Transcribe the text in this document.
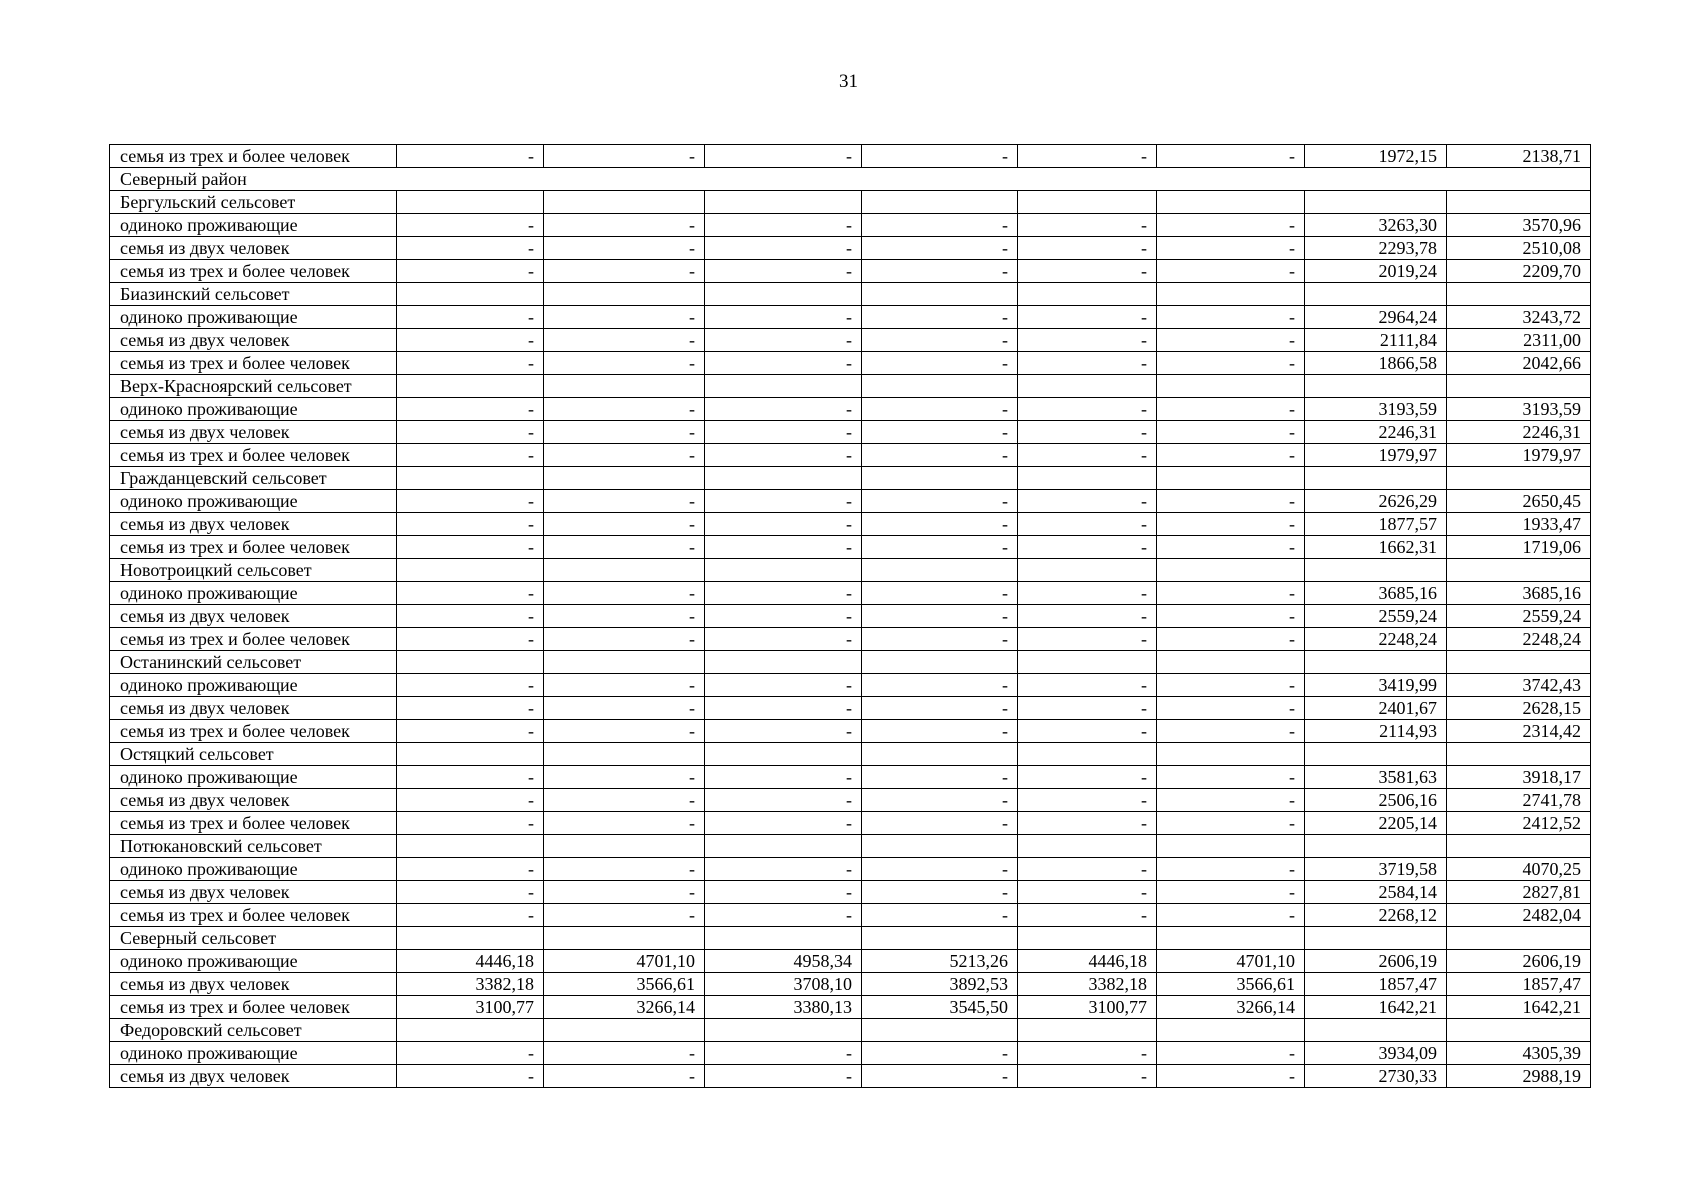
31
семья из трех и более человек	-	-	-	-	-	-	1972,15	2138,71
Северный район								
Бергульский сельсовет								
одиноко проживающие	-	-	-	-	-	-	3263,30	3570,96
семья из двух человек	-	-	-	-	-	-	2293,78	2510,08
семья из трех и более человек	-	-	-	-	-	-	2019,24	2209,70
Биазинский сельсовет								
одиноко проживающие	-	-	-	-	-	-	2964,24	3243,72
семья из двух человек	-	-	-	-	-	-	2111,84	2311,00
семья из трех и более человек	-	-	-	-	-	-	1866,58	2042,66
Верх-Красноярский сельсовет								
одиноко проживающие	-	-	-	-	-	-	3193,59	3193,59
семья из двух человек	-	-	-	-	-	-	2246,31	2246,31
семья из трех и более человек	-	-	-	-	-	-	1979,97	1979,97
Гражданцевский сельсовет								
одиноко проживающие	-	-	-	-	-	-	2626,29	2650,45
семья из двух человек	-	-	-	-	-	-	1877,57	1933,47
семья из трех и более человек	-	-	-	-	-	-	1662,31	1719,06
Новотроицкий сельсовет								
одиноко проживающие	-	-	-	-	-	-	3685,16	3685,16
семья из двух человек	-	-	-	-	-	-	2559,24	2559,24
семья из трех и более человек	-	-	-	-	-	-	2248,24	2248,24
Останинский сельсовет								
одиноко проживающие	-	-	-	-	-	-	3419,99	3742,43
семья из двух человек	-	-	-	-	-	-	2401,67	2628,15
семья из трех и более человек	-	-	-	-	-	-	2114,93	2314,42
Остяцкий сельсовет								
одиноко проживающие	-	-	-	-	-	-	3581,63	3918,17
семья из двух человек	-	-	-	-	-	-	2506,16	2741,78
семья из трех и более человек	-	-	-	-	-	-	2205,14	2412,52
Потюкановский сельсовет								
одиноко проживающие	-	-	-	-	-	-	3719,58	4070,25
семья из двух человек	-	-	-	-	-	-	2584,14	2827,81
семья из трех и более человек	-	-	-	-	-	-	2268,12	2482,04
Северный сельсовет								
одиноко проживающие	4446,18	4701,10	4958,34	5213,26	4446,18	4701,10	2606,19	2606,19
семья из двух человек	3382,18	3566,61	3708,10	3892,53	3382,18	3566,61	1857,47	1857,47
семья из трех и более человек	3100,77	3266,14	3380,13	3545,50	3100,77	3266,14	1642,21	1642,21
Федоровский сельсовет								
одиноко проживающие	-	-	-	-	-	-	3934,09	4305,39
семья из двух человек	-	-	-	-	-	-	2730,33	2988,19
